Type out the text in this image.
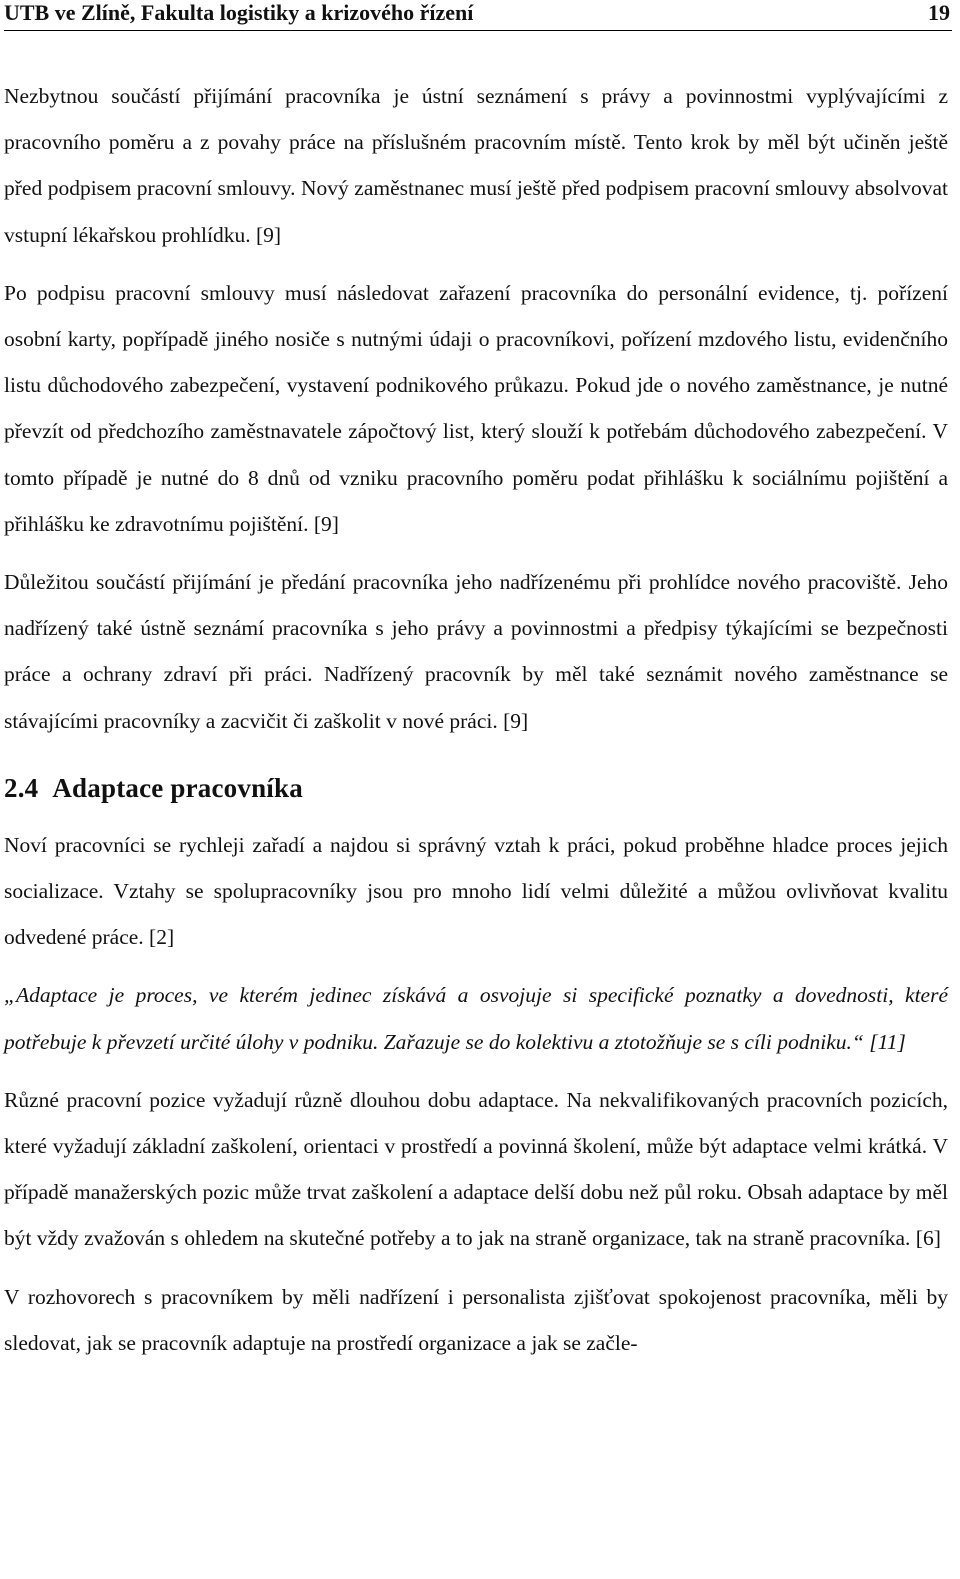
UTB ve Zlíně, Fakulta logistiky a krizového řízení	19

Nezbytnou součástí přijímání pracovníka je ústní seznámení s právy a povinnostmi vyplývajícími z pracovního poměru a z povahy práce na příslušném pracovním místě. Tento krok by měl být učiněn ještě před podpisem pracovní smlouvy. Nový zaměstnanec musí ještě před podpisem pracovní smlouvy absolvovat vstupní lékařskou prohlídku. [9]

Po podpisu pracovní smlouvy musí následovat zařazení pracovníka do personální evidence, tj. pořízení osobní karty, popřípadě jiného nosiče s nutnými údaji o pracovníkovi, pořízení mzdového listu, evidenčního listu důchodového zabezpečení, vystavení podnikového průkazu. Pokud jde o nového zaměstnance, je nutné převzít od předchozího zaměstnavatele zápočtový list, který slouží k potřebám důchodového zabezpečení. V tomto případě je nutné do 8 dnů od vzniku pracovního poměru podat přihlášku k sociálnímu pojištění a přihlášku ke zdravotnímu pojištění. [9]

Důležitou součástí přijímání je předání pracovníka jeho nadřízenému při prohlídce nového pracoviště. Jeho nadřízený také ústně seznámí pracovníka s jeho právy a povinnostmi a předpisy týkajícími se bezpečnosti práce a ochrany zdraví při práci. Nadřízený pracovník by měl také seznámit nového zaměstnance se stávajícími pracovníky a zacvičit či zaškolit v nové práci. [9]

2.4 Adaptace pracovníka

Noví pracovníci se rychleji zařadí a najdou si správný vztah k práci, pokud proběhne hladce proces jejich socializace. Vztahy se spolupracovníky jsou pro mnoho lidí velmi důležité a můžou ovlivňovat kvalitu odvedené práce. [2]

„Adaptace je proces, ve kterém jedinec získává a osvojuje si specifické poznatky a dovednosti, které potřebuje k převzetí určité úlohy v podniku. Zařazuje se do kolektivu a ztotožňuje se s cíli podniku.“ [11]

Různé pracovní pozice vyžadují různě dlouhou dobu adaptace. Na nekvalifikovaných pracovních pozicích, které vyžadují základní zaškolení, orientaci v prostředí a povinná školení, může být adaptace velmi krátká. V případě manažerských pozic může trvat zaškolení a adaptace delší dobu než půl roku. Obsah adaptace by měl být vždy zvažován s ohledem na skutečné potřeby a to jak na straně organizace, tak na straně pracovníka. [6]

V rozhovorech s pracovníkem by měli nadřízení i personalista zjišťovat spokojenost pracovníka, měli by sledovat, jak se pracovník adaptuje na prostředí organizace a jak se začle-
